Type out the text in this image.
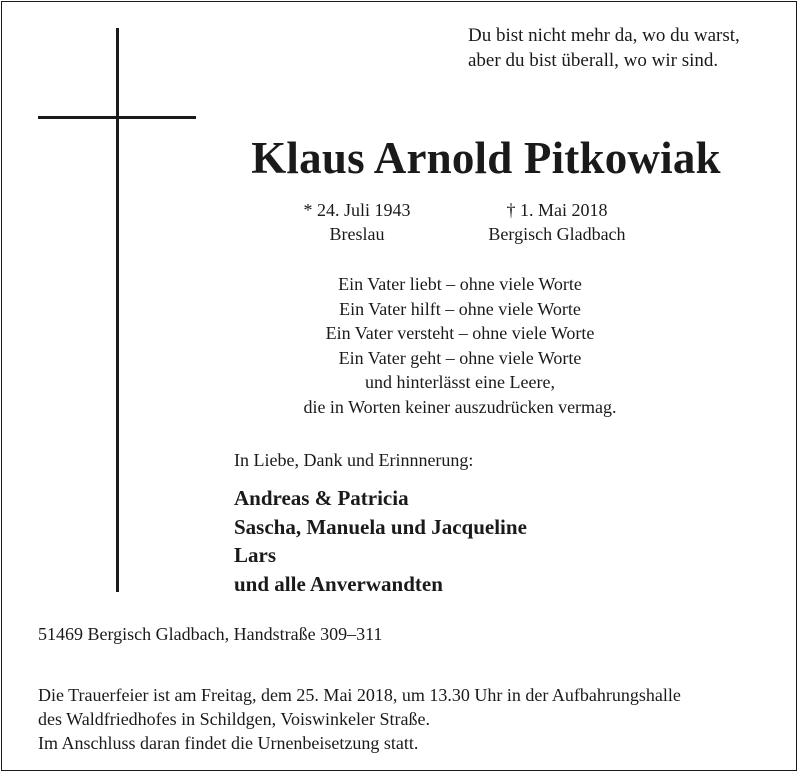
Du bist nicht mehr da, wo du warst,
aber du bist überall, wo wir sind.
Klaus Arnold Pitkowiak
* 24. Juli 1943
Breslau
† 1. Mai 2018
Bergisch Gladbach
Ein Vater liebt – ohne viele Worte
Ein Vater hilft – ohne viele Worte
Ein Vater versteht – ohne viele Worte
Ein Vater geht – ohne viele Worte
und hinterlässt eine Leere,
die in Worten keiner auszudrücken vermag.
In Liebe, Dank und Erinnnerung:
Andreas & Patricia
Sascha, Manuela und Jacqueline
Lars
und alle Anverwandten
51469 Bergisch Gladbach, Handstraße 309–311
Die Trauerfeier ist am Freitag, dem 25. Mai 2018, um 13.30 Uhr in der Aufbahrungshalle
des Waldfriedhofes in Schildgen, Voiswinkeler Straße.
Im Anschluss daran findet die Urnenbeisetzung statt.
